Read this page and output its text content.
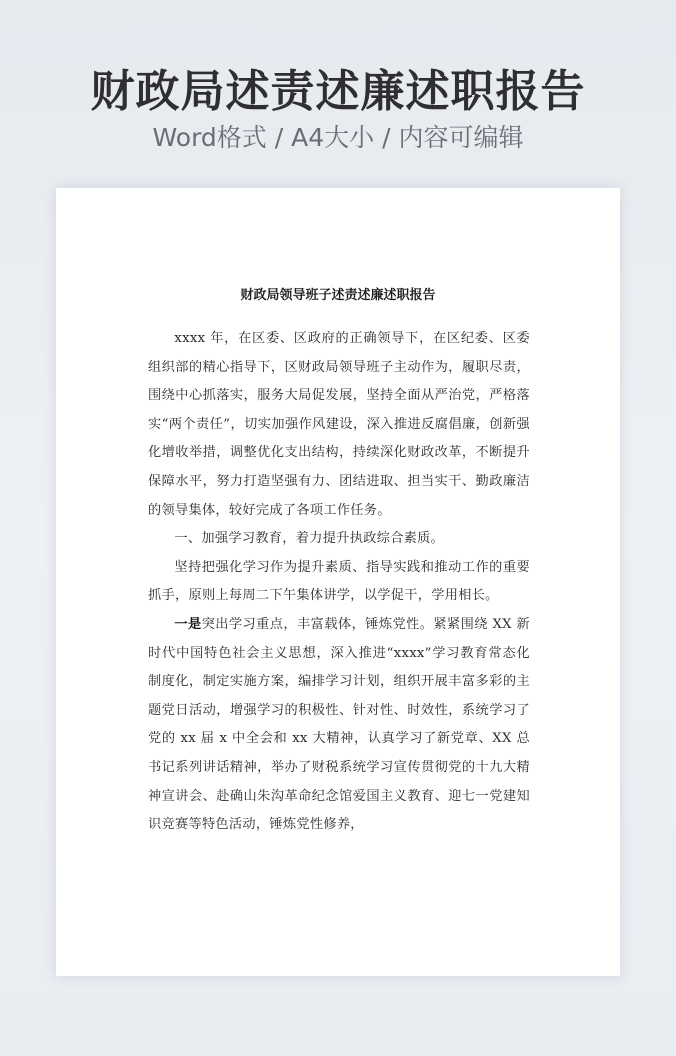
财政局述责述廉述职报告
Word格式 / A4大小 / 内容可编辑
财政局领导班子述责述廉述职报告

xxxx 年，在区委、区政府的正确领导下，在区纪委、区委组织部的精心指导下，区财政局领导班子主动作为，履职尽责，围绕中心抓落实，服务大局促发展，坚持全面从严治党，严格落实“两个责任”，切实加强作风建设，深入推进反腐倡廉，创新强化增收举措，调整优化支出结构，持续深化财政改革，不断提升保障水平，努力打造坚强有力、团结进取、担当实干、勤政廉洁的领导集体，较好完成了各项工作任务。

一、加强学习教育，着力提升执政综合素质。

坚持把强化学习作为提升素质、指导实践和推动工作的重要抓手，原则上每周二下午集体讲学，以学促干，学用相长。

一是突出学习重点，丰富载体，锤炼党性。紧紧围绕 XX 新时代中国特色社会主义思想，深入推进“xxxx”学习教育常态化制度化，制定实施方案，编排学习计划，组织开展丰富多彩的主题党日活动，增强学习的积极性、针对性、时效性，系统学习了党的 xx 届 x 中全会和 xx 大精神，认真学习了新党章、XX 总书记系列讲话精神，举办了财税系统学习宣传贯彻党的十九大精神宣讲会、赴确山朱沟革命纪念馆爱国主义教育、迎七一党建知识竞赛等特色活动，锤炼党性修养，
